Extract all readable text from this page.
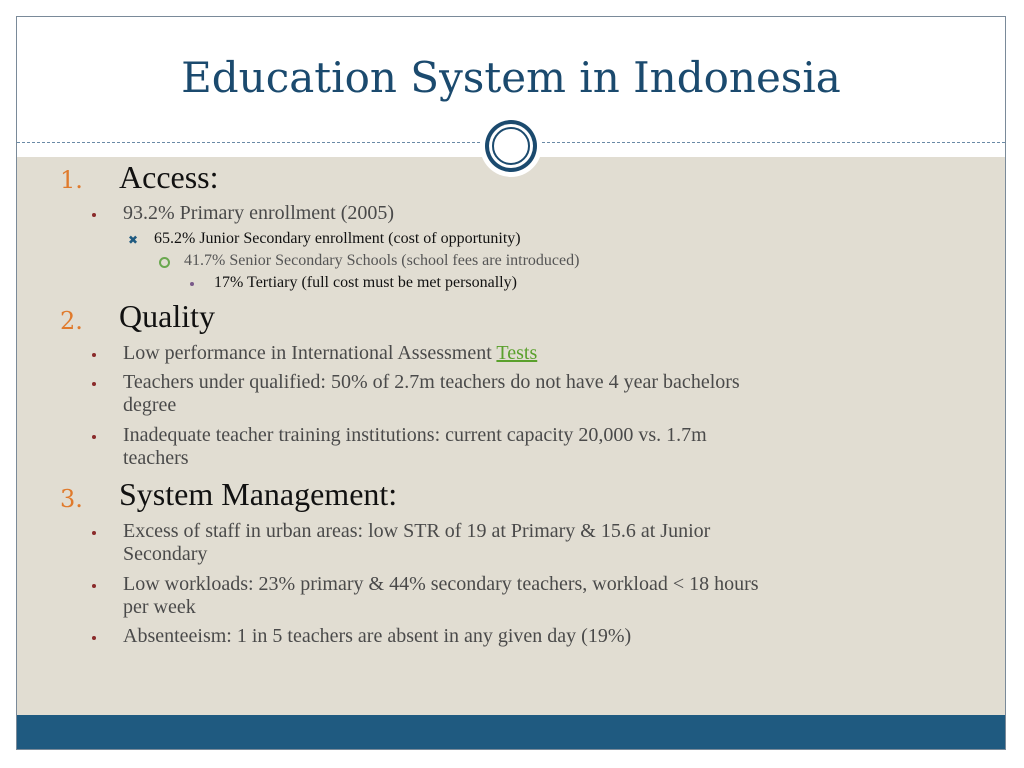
Education System in Indonesia
1. Access:
93.2% Primary enrollment (2005)
✖ 65.2% Junior Secondary enrollment (cost of opportunity)
41.7% Senior Secondary Schools (school fees are introduced)
17% Tertiary (full cost must be met personally)
2. Quality
Low performance in International Assessment Tests
Teachers under qualified: 50% of 2.7m teachers do not have 4 year bachelors
degree
Inadequate teacher training institutions: current capacity 20,000 vs. 1.7m
teachers
3. System Management:
Excess of staff in urban areas: low STR of 19 at Primary & 15.6 at Junior
Secondary
Low workloads: 23% primary & 44% secondary teachers, workload < 18 hours
per week
Absenteeism: 1 in 5 teachers are absent in any given day (19%)
